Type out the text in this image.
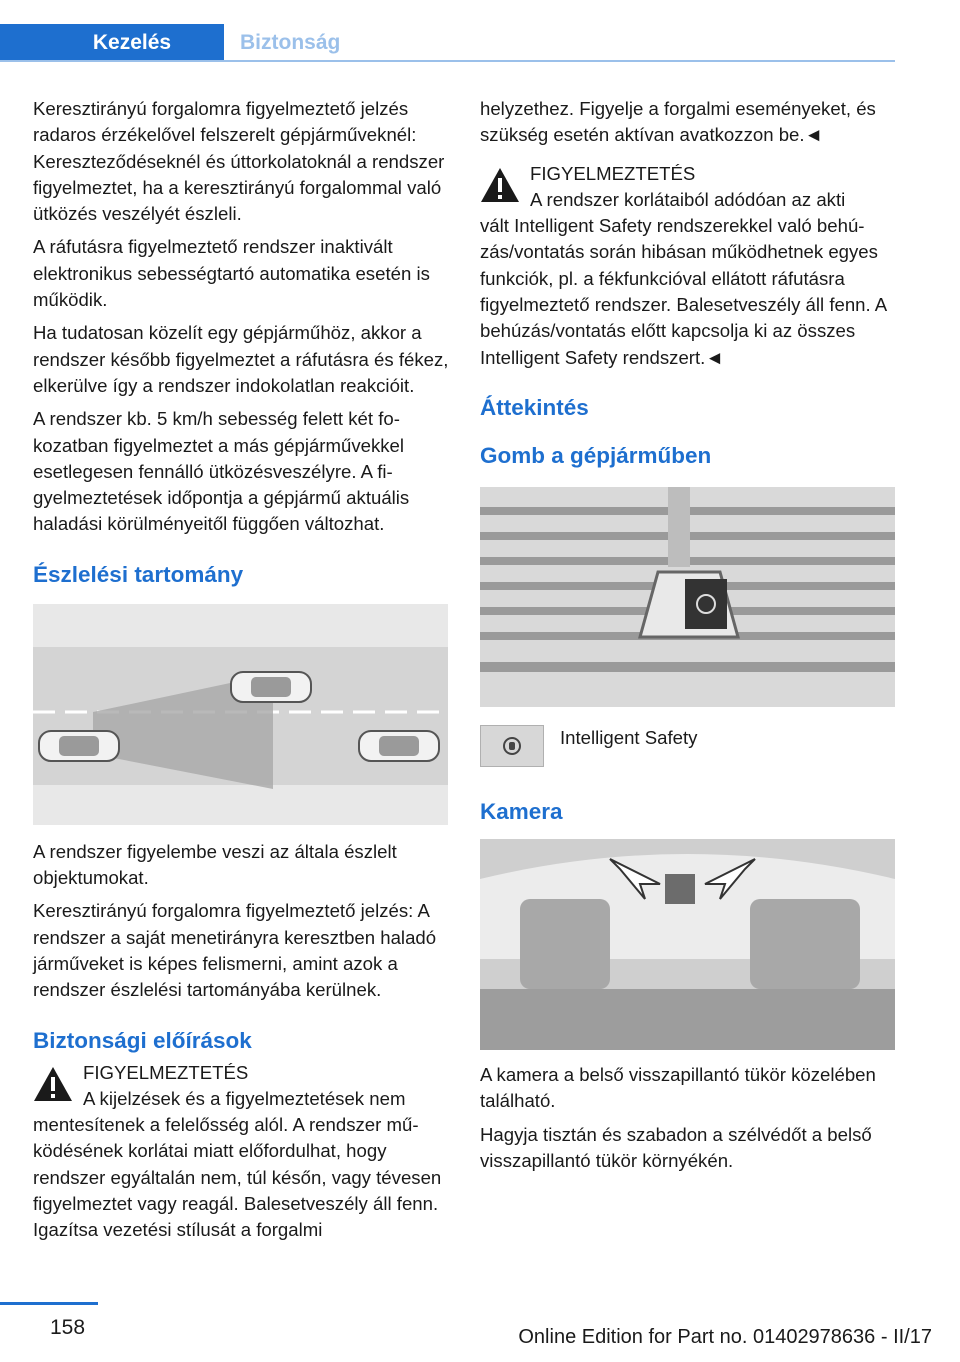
Kezelés	Biztonság

Keresztirányú forgalomra figyelmeztető jelzés radaros érzékelővel felszerelt gépjárműveknél: Kereszteződéseknél és úttorkolatoknál a rendszer figyelmeztet, ha a keresztirányú forgalommal való ütközés veszélyét észleli.

A ráfutásra figyelmeztető rendszer inaktivált elektronikus sebességtartó automatika esetén is működik.

Ha tudatosan közelít egy gépjárműhöz, akkor a rendszer később figyelmeztet a ráfutásra és fékez, elkerülve így a rendszer indokolatlan reakcióit.

A rendszer kb. 5 km/h sebesség felett két fokozatban figyelmeztet a más gépjárművekkel esetlegesen fennálló ütközésveszélyre. A figyelmeztetések időpontja a gépjármű aktuális haladási körülményeitől függően változhat.

Észlelési tartomány

A rendszer figyelembe veszi az általa észlelt objektumokat.

Keresztirányú forgalomra figyelmeztető jelzés: A rendszer a saját menetirányra keresztben haladó járműveket is képes felismerni, amint azok a rendszer észlelési tartományába kerülnek.

Biztonsági előírások
FIGYELMEZTETÉS
A kijelzések és a figyelmeztetések nem

mentesítenek a felelősség alól. A rendszer működésének korlátai miatt előfordulhat, hogy rendszer egyáltalán nem, túl későn, vagy tévesen figyelmeztet vagy reagál. Balesetveszély áll fenn. Igazítsa vezetési stílusát a forgalmi

helyzethez. Figyelje a forgalmi eseményeket, és szükség esetén aktívan avatkozzon be.◄

FIGYELMEZTETÉS
A rendszer korlátaiból adódóan az akti

vált Intelligent Safety rendszerekkel való behúzás/vontatás során hibásan működhetnek egyes funkciók, pl. a fékfunkcióval ellátott ráfutásra figyelmeztető rendszer. Balesetveszély áll fenn. A behúzás/vontatás előtt kapcsolja ki az összes Intelligent Safety rendszert.◄

Áttekintés
Gomb a gépjárműben
Intelligent Safety
Kamera

A kamera a belső visszapillantó tükör közelében található.

Hagyja tisztán és szabadon a szélvédőt a belső visszapillantó tükör környékén.

158	Online Edition for Part no. 01402978636 - II/17
